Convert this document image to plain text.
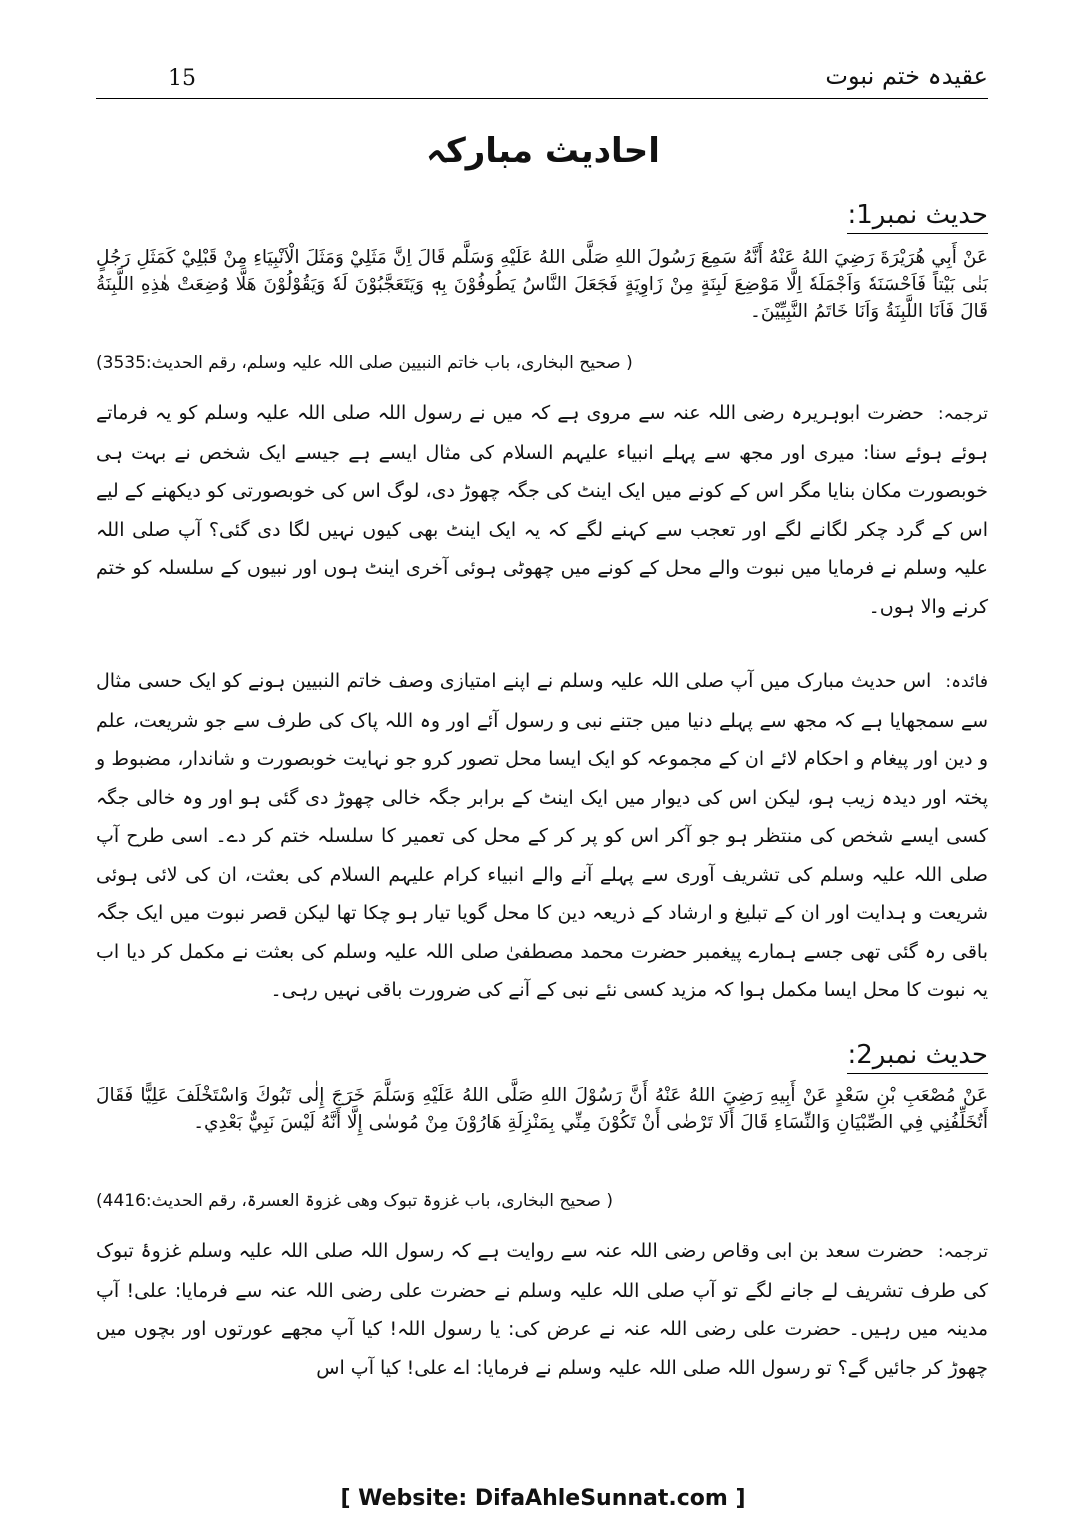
عقیدہ ختم نبوت
15
احادیث مبارکہ
حدیث نمبر1:
عَنْ أَبِي هُرَيْرَةَ رَضِيَ اللهُ عَنْهُ أَنَّهُ سَمِعَ رَسُولَ اللهِ صَلَّى اللهُ عَلَيْهِ وَسَلَّم قَالَ اِنَّ مَثَلِيْ وَمَثَلَ الْاَنْبِيَاءِ مِنْ قَبْلِيْ كَمَثَلِ رَجُلٍ بَنٰى بَيْتاً فَاَحْسَنَهٗ وَاَجْمَلَهٗ اِلَّا مَوْضِعَ لَبِنَةٍ مِنْ زَاوِيَةٍ فَجَعَلَ النَّاسُ يَطُوفُوْنَ بِهٖ وَيَتَعَجَّبُوْنَ لَهٗ وَيَقُوْلُوْنَ هَلَّا وُضِعَتْ هٰذِهِ اللَّبِنَةُ قَالَ فَاَنَا اللَّبِنَةُ وَاَنَا خَاتَمُ النَّبِيِّيْنَ۔
( صحیح البخاری، باب خاتم النبیین صلی اللہ علیہ وسلم، رقم الحدیث:3535)
ترجمہ:حضرت ابوہریرہ رضی اللہ عنہ سے مروی ہے کہ میں نے رسول اللہ صلی اللہ علیہ وسلم کو یہ فرماتے ہوئے ہوئے سنا: میری اور مجھ سے پہلے انبیاء علیہم السلام کی مثال ایسے ہے جیسے ایک شخص نے بہت ہی خوبصورت مکان بنایا مگر اس کے کونے میں ایک اینٹ کی جگہ چھوڑ دی، لوگ اس کی خوبصورتی کو دیکھنے کے لیے اس کے گرد چکر لگانے لگے اور تعجب سے کہنے لگے کہ یہ ایک اینٹ بھی کیوں نہیں لگا دی گئی؟ آپ صلی اللہ علیہ وسلم نے فرمایا میں نبوت والے محل کے کونے میں چھوٹی ہوئی آخری اینٹ ہوں اور نبیوں کے سلسلہ کو ختم کرنے والا ہوں۔
فائدہ:اس حدیث مبارک میں آپ صلی اللہ علیہ وسلم نے اپنے امتیازی وصف خاتم النبیین ہونے کو ایک حسی مثال سے سمجھایا ہے کہ مجھ سے پہلے دنیا میں جتنے نبی و رسول آئے اور وہ اللہ پاک کی طرف سے جو شریعت، علم و دین اور پیغام و احکام لائے ان کے مجموعہ کو ایک ایسا محل تصور کرو جو نہایت خوبصورت و شاندار، مضبوط و پختہ اور دیدہ زیب ہو، لیکن اس کی دیوار میں ایک اینٹ کے برابر جگہ خالی چھوڑ دی گئی ہو اور وہ خالی جگہ کسی ایسے شخص کی منتظر ہو جو آکر اس کو پر کر کے محل کی تعمیر کا سلسلہ ختم کر دے۔ اسی طرح آپ صلی اللہ علیہ وسلم کی تشریف آوری سے پہلے آنے والے انبیاء کرام علیہم السلام کی بعثت، ان کی لائی ہوئی شریعت و ہدایت اور ان کے تبلیغ و ارشاد کے ذریعہ دین کا محل گویا تیار ہو چکا تھا لیکن قصر نبوت میں ایک جگہ باقی رہ گئی تھی جسے ہمارے پیغمبر حضرت محمد مصطفیٰ صلی اللہ علیہ وسلم کی بعثت نے مکمل کر دیا اب یہ نبوت کا محل ایسا مکمل ہوا کہ مزید کسی نئے نبی کے آنے کی ضرورت باقی نہیں رہی۔
حدیث نمبر2:
عَنْ مُصْعَبِ بْنِ سَعْدٍ عَنْ أَبِيهِ رَضِيَ اللهُ عَنْهُ أَنَّ رَسُوْلَ اللهِ صَلَّى اللهُ عَلَيْهِ وَسَلَّمَ خَرَجَ إِلٰى تَبُوكَ وَاسْتَخْلَفَ عَلِيًّا فَقَالَ أَتُخَلِّفُنِي فِي الصِّبْيَانِ وَالنِّسَاءِ قَالَ أَلَا تَرْضٰى أَنْ تَكُوْنَ مِنِّي بِمَنْزِلَةِ هَارُوْنَ مِنْ مُوسٰى إِلَّا أَنَّهُ لَيْسَ نَبِيٌّ بَعْدِي۔
( صحیح البخاری، باب غزوۃ تبوک وھی غزوۃ العسرۃ، رقم الحدیث:4416)
ترجمہ:حضرت سعد بن ابی وقاص رضی اللہ عنہ سے روایت ہے کہ رسول اللہ صلی اللہ علیہ وسلم غزوۂ تبوک کی طرف تشریف لے جانے لگے تو آپ صلی اللہ علیہ وسلم نے حضرت علی رضی اللہ عنہ سے فرمایا: علی! آپ مدینہ میں رہیں۔ حضرت علی رضی اللہ عنہ نے عرض کی: یا رسول اللہ! کیا آپ مجھے عورتوں اور بچوں میں چھوڑ کر جائیں گے؟ تو رسول اللہ صلی اللہ علیہ وسلم نے فرمایا: اے علی! کیا آپ اس
[ Website: DifaAhleSunnat.com ]
